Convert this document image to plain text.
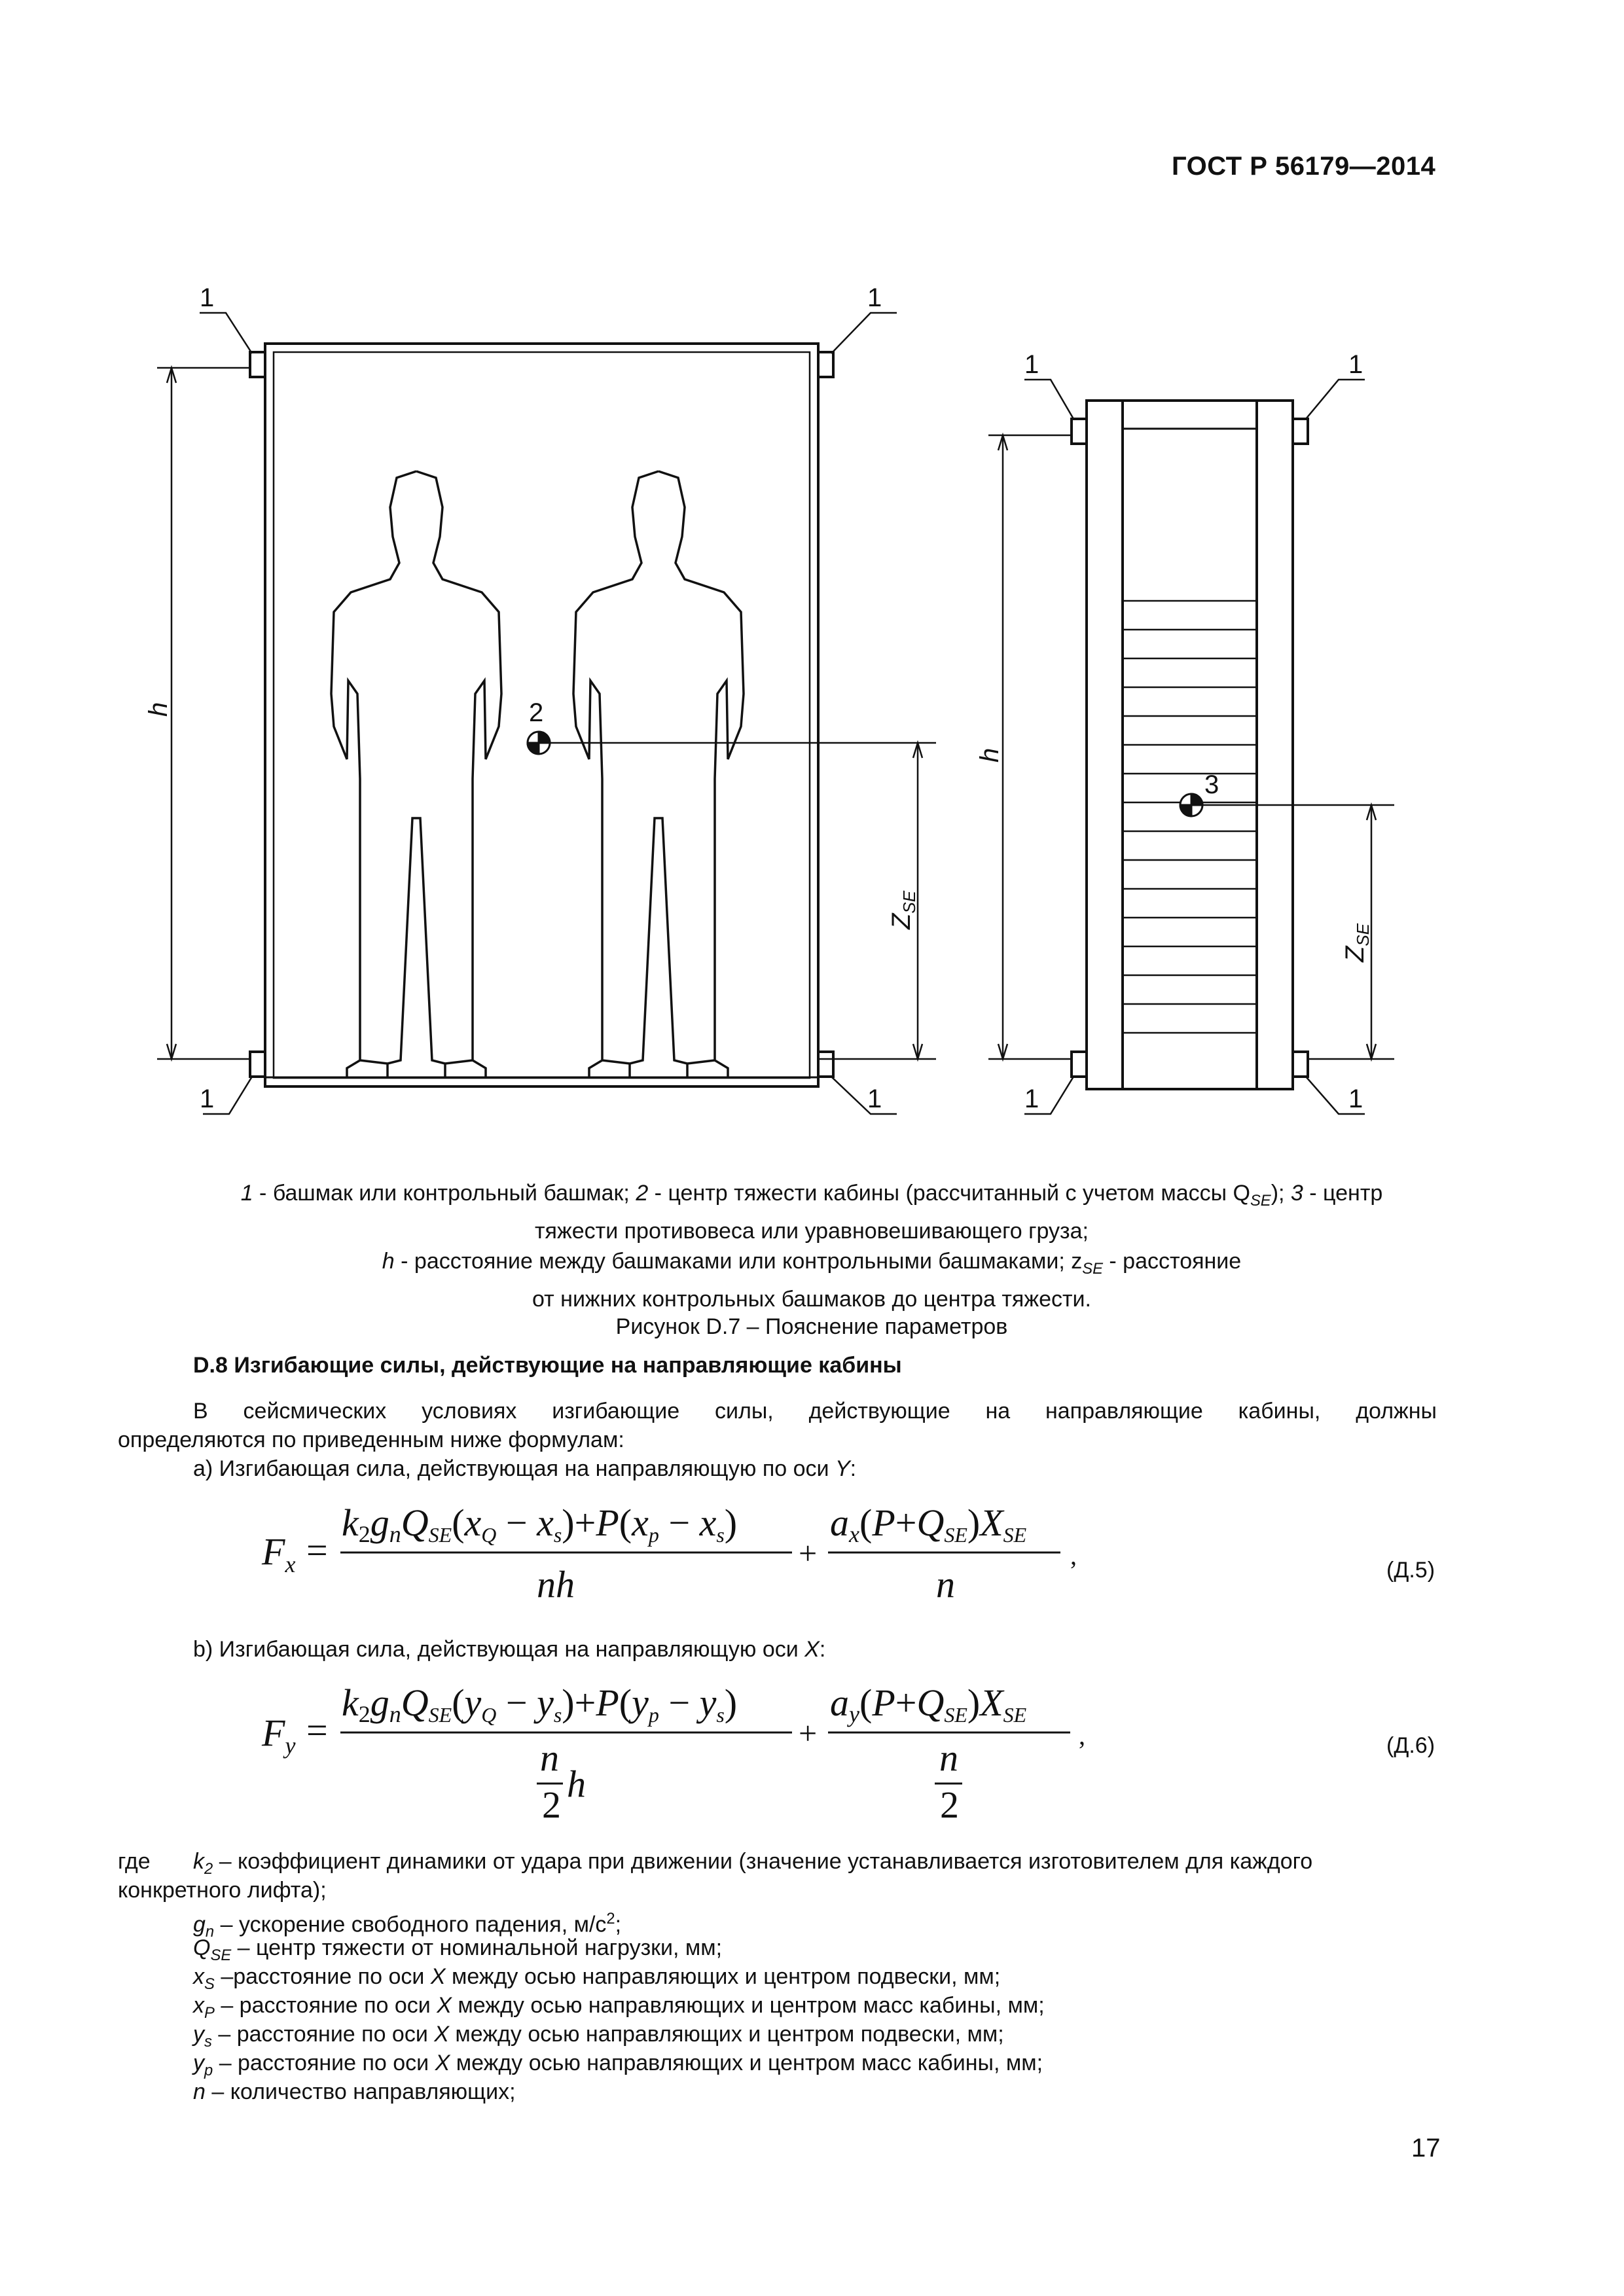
ГОСТ Р 56179—2014
1	1
1	1
1	1
1	1
2
3
h
h
$Z_{SE}$
$Z_{SE}$
1 - башмак или контрольный башмак; 2 - центр тяжести кабины (рассчитанный с учетом массы $Q_{SE}$); 3 - центр
тяжести противовеса или уравновешивающего груза;
h - расстояние между башмаками или контрольными башмаками; $z_{SE}$ - расстояние
от нижних контрольных башмаков до центра тяжести.
Рисунок D.7 – Пояснение параметров
D.8 Изгибающие силы, действующие на направляющие кабины
В сейсмических условиях изгибающие силы, действующие на направляющие кабины, должны
определяются по приведенным ниже формулам:
а) Изгибающая сила, действующая на направляющую по оси Y:
$F_x$ =
k2gnQSE(xQ − xs)+P(xp − xs)
nh
+
ax(P+QSE)XSE
n
,	(Д.5)
b) Изгибающая сила, действующая на направляющую оси X:
$F_y$ =
k2gnQSE(yQ − ys)+P(yp − ys)
n
2 h
+
ay(P+QSE)XSE
n
2
,	(Д.6)
где $k_2$ – коэффициент динамики от удара при движении (значение устанавливается изготовителем для каждого
конкретного лифта);
$g_n$ – ускорение свободного падения, $м/с^2$;
$Q_{SE}$ – центр тяжести от номинальной нагрузки, мм;
$x_S$ –расстояние по оси X между осью направляющих и центром подвески, мм;
$x_P$ – расстояние по оси X между осью направляющих и центром масс кабины, мм;
$y_s$ – расстояние по оси X между осью направляющих и центром подвески, мм;
$y_p$ – расстояние по оси X между осью направляющих и центром масс кабины, мм;
n – количество направляющих;
17
